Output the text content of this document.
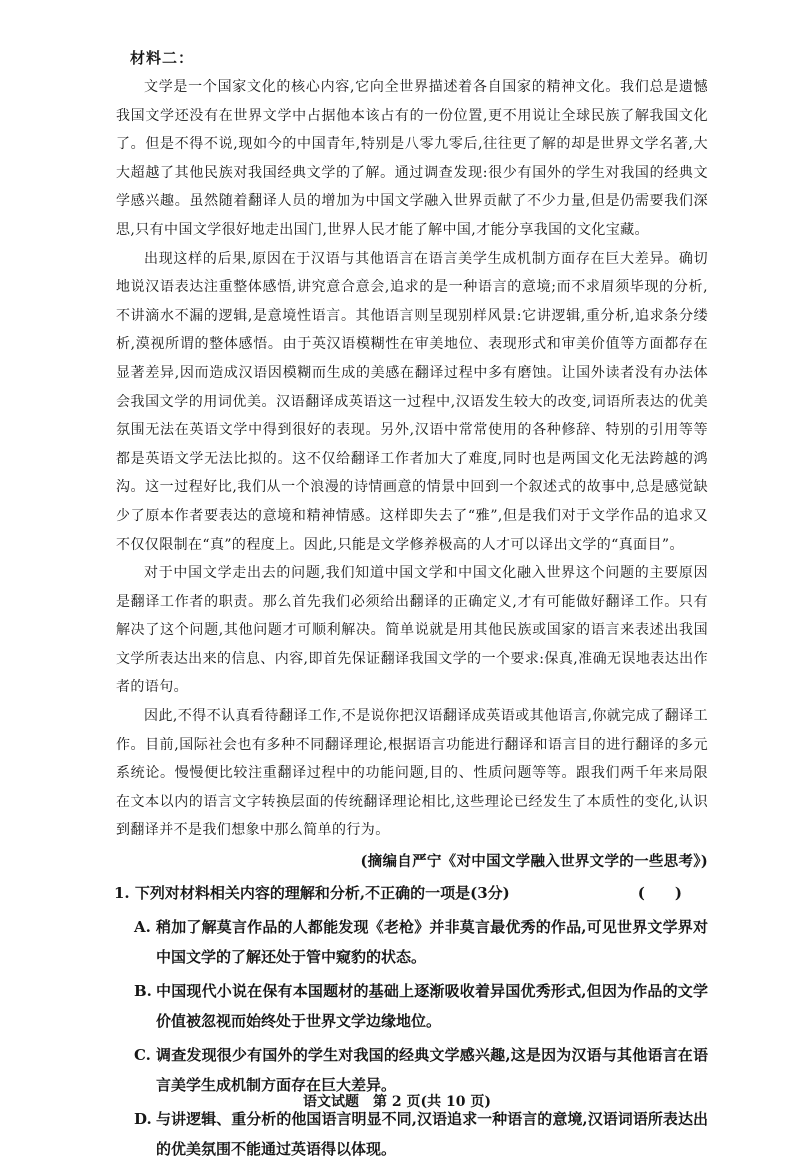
材料二：

文学是一个国家文化的核心内容,它向全世界描述着各自国家的精神文化。我们总是遗憾我国文学还没有在世界文学中占据他本该占有的一份位置,更不用说让全球民族了解我国文化了。但是不得不说,现如今的中国青年,特别是八零九零后,往往更了解的却是世界文学名著,大大超越了其他民族对我国经典文学的了解。通过调查发现:很少有国外的学生对我国的经典文学感兴趣。虽然随着翻译人员的增加为中国文学融入世界贡献了不少力量,但是仍需要我们深思,只有中国文学很好地走出国门,世界人民才能了解中国,才能分享我国的文化宝藏。

出现这样的后果,原因在于汉语与其他语言在语言美学生成机制方面存在巨大差异。确切地说汉语表达注重整体感悟,讲究意合意会,追求的是一种语言的意境;而不求眉须毕现的分析,不讲滴水不漏的逻辑,是意境性语言。其他语言则呈现别样风景:它讲逻辑,重分析,追求条分缕析,漠视所谓的整体感悟。由于英汉语模糊性在审美地位、表现形式和审美价值等方面都存在显著差异,因而造成汉语因模糊而生成的美感在翻译过程中多有磨蚀。让国外读者没有办法体会我国文学的用词优美。汉语翻译成英语这一过程中,汉语发生较大的改变,词语所表达的优美氛围无法在英语文学中得到很好的表现。另外,汉语中常常使用的各种修辞、特别的引用等等都是英语文学无法比拟的。这不仅给翻译工作者加大了难度,同时也是两国文化无法跨越的鸿沟。这一过程好比,我们从一个浪漫的诗情画意的情景中回到一个叙述式的故事中,总是感觉缺少了原本作者要表达的意境和精神情感。这样即失去了“雅”,但是我们对于文学作品的追求又不仅仅限制在“真”的程度上。因此,只能是文学修养极高的人才可以译出文学的“真面目”。

对于中国文学走出去的问题,我们知道中国文学和中国文化融入世界这个问题的主要原因是翻译工作者的职责。那么首先我们必须给出翻译的正确定义,才有可能做好翻译工作。只有解决了这个问题,其他问题才可顺利解决。简单说就是用其他民族或国家的语言来表述出我国文学所表达出来的信息、内容,即首先保证翻译我国文学的一个要求:保真,准确无误地表达出作者的语句。

因此,不得不认真看待翻译工作,不是说你把汉语翻译成英语或其他语言,你就完成了翻译工作。目前,国际社会也有多种不同翻译理论,根据语言功能进行翻译和语言目的进行翻译的多元系统论。慢慢便比较注重翻译过程中的功能问题,目的、性质问题等等。跟我们两千年来局限在文本以内的语言文字转换层面的传统翻译理论相比,这些理论已经发生了本质性的变化,认识到翻译并不是我们想象中那么简单的行为。

(摘编自严宁《对中国文学融入世界文学的一些思考》)

1. 下列对材料相关内容的理解和分析,不正确的一项是(3分)	(　　)
A. 稍加了解莫言作品的人都能发现《老枪》并非莫言最优秀的作品,可见世界文学界对中国文学的了解还处于管中窥豹的状态。
B. 中国现代小说在保有本国题材的基础上逐渐吸收着异国优秀形式,但因为作品的文学价值被忽视而始终处于世界文学边缘地位。
C. 调查发现很少有国外的学生对我国的经典文学感兴趣,这是因为汉语与其他语言在语言美学生成机制方面存在巨大差异。
D. 与讲逻辑、重分析的他国语言明显不同,汉语追求一种语言的意境,汉语词语所表达出的优美氛围不能通过英语得以体现。
语文试题　第 2 页(共 10 页)
